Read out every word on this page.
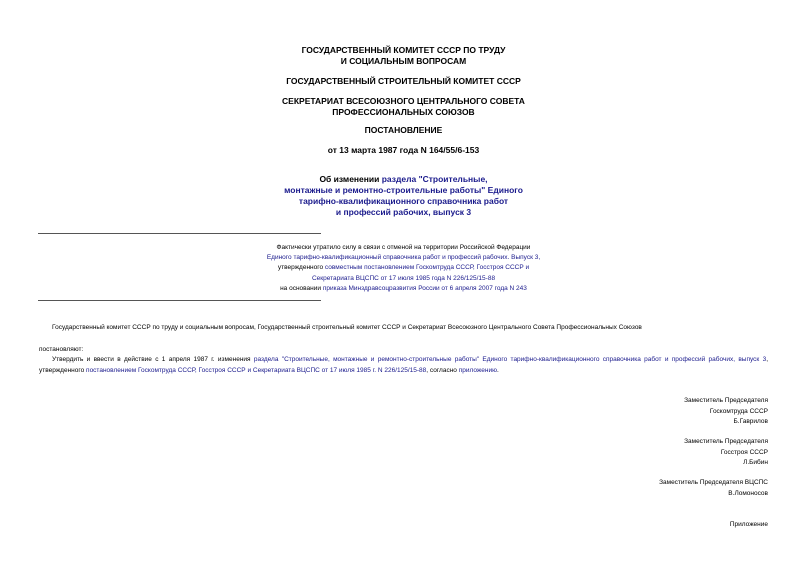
ГОСУДАРСТВЕННЫЙ КОМИТЕТ СССР ПО ТРУДУ
И СОЦИАЛЬНЫМ ВОПРОСАМ
ГОСУДАРСТВЕННЫЙ СТРОИТЕЛЬНЫЙ КОМИТЕТ СССР
СЕКРЕТАРИАТ ВСЕСОЮЗНОГО ЦЕНТРАЛЬНОГО СОВЕТА
ПРОФЕССИОНАЛЬНЫХ СОЮЗОВ
ПОСТАНОВЛЕНИЕ
от 13 марта 1987 года N 164/55/6-153
Об изменении раздела "Строительные,
монтажные и ремонтно-строительные работы" Единого
тарифно-квалификационного справочника работ
и профессий рабочих, выпуск 3
Фактически утратило силу в связи с отменой на территории Российской Федерации
Единого тарифно-квалификационный справочника работ и профессий рабочих. Выпуск 3,
утвержденного совместным постановлением Госкомтруда СССР, Госстроя СССР и
Секретариата ВЦСПС от 17 июля 1985 года N 226/125/15-88
на основании приказа Минздравсоцразвития России от 6 апреля 2007 года N 243
Государственный комитет СССР по труду и социальным вопросам, Государственный строительный комитет СССР и Секретариат Всесоюзного Центрального Совета Профессиональных Союзов
постановляют:
Утвердить и ввести в действие с 1 апреля 1987 г. изменения раздела "Строительные, монтажные и ремонтно-строительные работы" Единого тарифно-квалификационного справочника работ и профессий рабочих, выпуск 3, утвержденного постановлением Госкомтруда СССР, Госстроя СССР и Секретариата ВЦСПС от 17 июля 1985 г. N 226/125/15-88, согласно приложению.
Заместитель Председателя
Госкомтруда СССР
Б.Гаврилов
Заместитель Председателя
Госстроя СССР
Л.Бибин
Заместитель Председателя ВЦСПС
В.Ломоносов
Приложение
